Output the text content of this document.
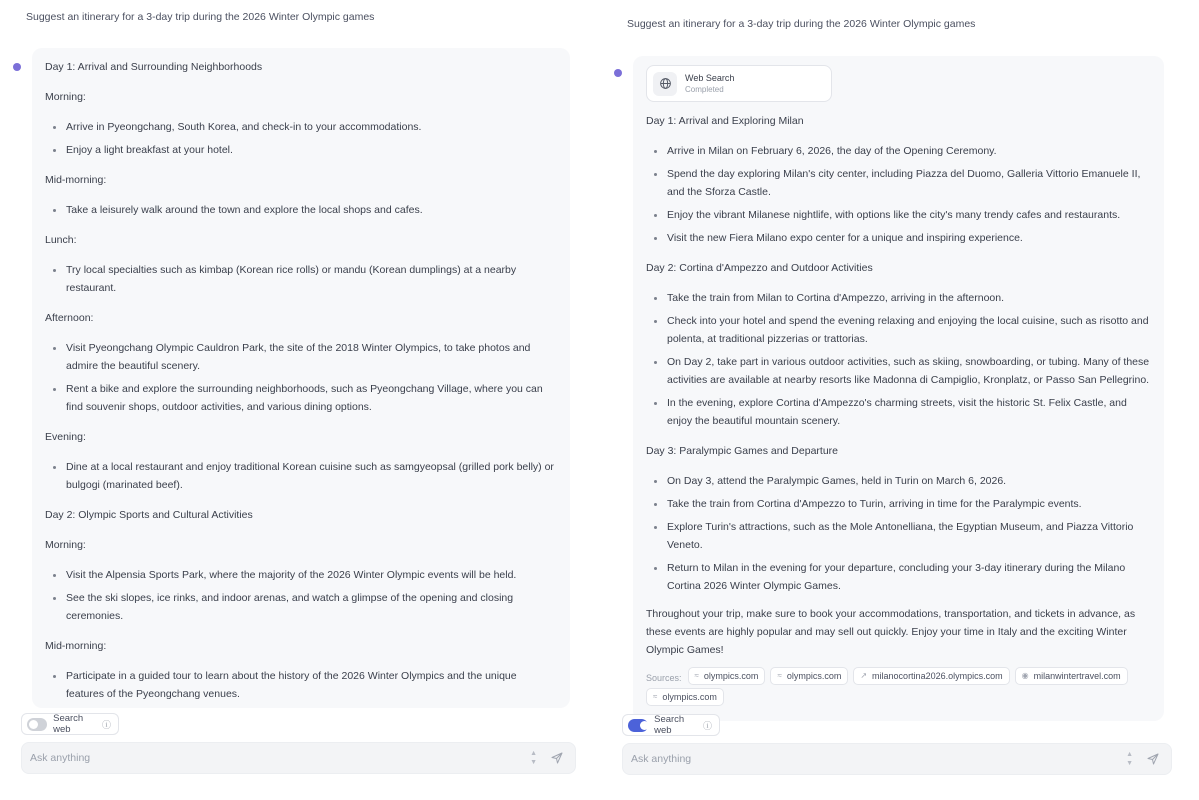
Suggest an itinerary for a 3-day trip during the 2026 Winter Olympic games
Day 1: Arrival and Surrounding Neighborhoods
Morning:
Arrive in Pyeongchang, South Korea, and check-in to your accommodations.
Enjoy a light breakfast at your hotel.
Mid-morning:
Take a leisurely walk around the town and explore the local shops and cafes.
Lunch:
Try local specialties such as kimbap (Korean rice rolls) or mandu (Korean dumplings) at a nearby restaurant.
Afternoon:
Visit Pyeongchang Olympic Cauldron Park, the site of the 2018 Winter Olympics, to take photos and admire the beautiful scenery.
Rent a bike and explore the surrounding neighborhoods, such as Pyeongchang Village, where you can find souvenir shops, outdoor activities, and various dining options.
Evening:
Dine at a local restaurant and enjoy traditional Korean cuisine such as samgyeopsal (grilled pork belly) or bulgogi (marinated beef).
Day 2: Olympic Sports and Cultural Activities
Morning:
Visit the Alpensia Sports Park, where the majority of the 2026 Winter Olympic events will be held.
See the ski slopes, ice rinks, and indoor arenas, and watch a glimpse of the opening and closing ceremonies.
Mid-morning:
Participate in a guided tour to learn about the history of the 2026 Winter Olympics and the unique features of the Pyeongchang venues.
Search web	ⓘ
Ask anything
▲
▼
Suggest an itinerary for a 3-day trip during the 2026 Winter Olympic games
Web Search
Completed
Day 1: Arrival and Exploring Milan
Arrive in Milan on February 6, 2026, the day of the Opening Ceremony.
Spend the day exploring Milan's city center, including Piazza del Duomo, Galleria Vittorio Emanuele II, and the Sforza Castle.
Enjoy the vibrant Milanese nightlife, with options like the city's many trendy cafes and restaurants.
Visit the new Fiera Milano expo center for a unique and inspiring experience.
Day 2: Cortina d'Ampezzo and Outdoor Activities
Take the train from Milan to Cortina d'Ampezzo, arriving in the afternoon.
Check into your hotel and spend the evening relaxing and enjoying the local cuisine, such as risotto and polenta, at traditional pizzerias or trattorias.
On Day 2, take part in various outdoor activities, such as skiing, snowboarding, or tubing. Many of these activities are available at nearby resorts like Madonna di Campiglio, Kronplatz, or Passo San Pellegrino.
In the evening, explore Cortina d'Ampezzo's charming streets, visit the historic St. Felix Castle, and enjoy the beautiful mountain scenery.
Day 3: Paralympic Games and Departure
On Day 3, attend the Paralympic Games, held in Turin on March 6, 2026.
Take the train from Cortina d'Ampezzo to Turin, arriving in time for the Paralympic events.
Explore Turin's attractions, such as the Mole Antonelliana, the Egyptian Museum, and Piazza Vittorio Veneto.
Return to Milan in the evening for your departure, concluding your 3-day itinerary during the Milano Cortina 2026 Winter Olympic Games.
Throughout your trip, make sure to book your accommodations, transportation, and tickets in advance, as these events are highly popular and may sell out quickly. Enjoy your time in Italy and the exciting Winter Olympic Games!
Sources: ≈ olympics.com ≈ olympics.com ↗ milanocortina2026.olympics.com ◉ milanwintertravel.com
≈ olympics.com
Search web	ⓘ
Ask anything
▲
▼
